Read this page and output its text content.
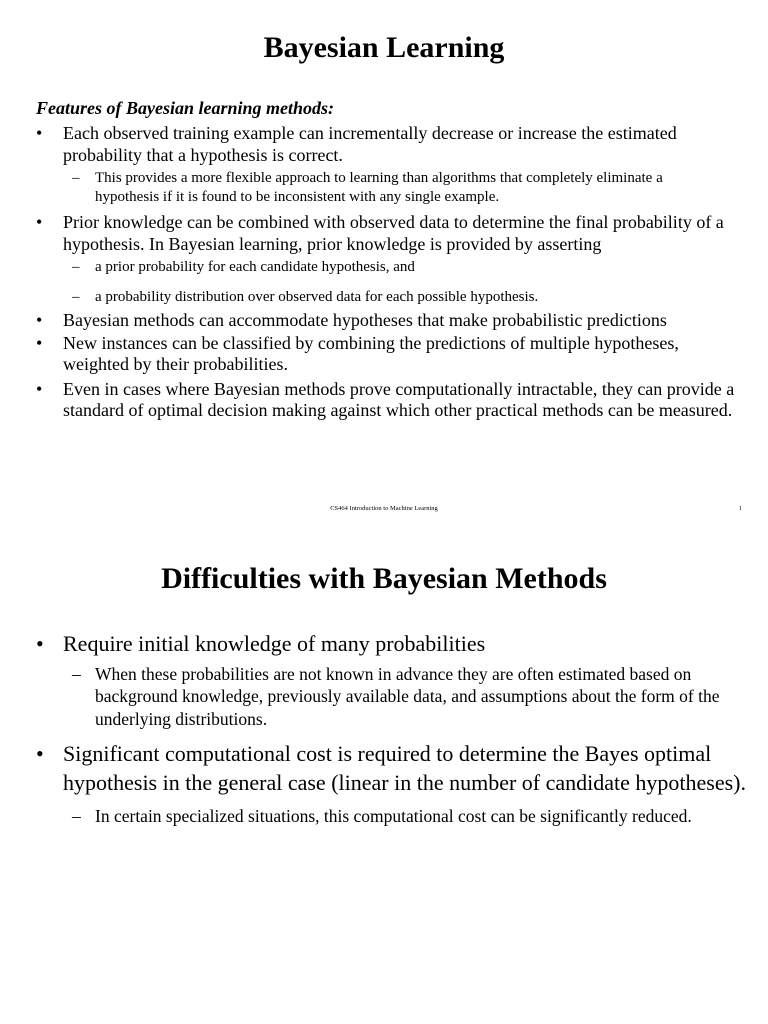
Bayesian Learning
Features of Bayesian learning methods:
• Each observed training example can incrementally decrease or increase the estimated probability that a hypothesis is correct.
– This provides a more flexible approach to learning than algorithms that completely eliminate a hypothesis if it is found to be inconsistent with any single example.
• Prior knowledge can be combined with observed data to determine the final probability of a hypothesis. In Bayesian learning, prior knowledge is provided by asserting
– a prior probability for each candidate hypothesis, and
– a probability distribution over observed data for each possible hypothesis.
• Bayesian methods can accommodate hypotheses that make probabilistic predictions
• New instances can be classified by combining the predictions of multiple hypotheses, weighted by their probabilities.
• Even in cases where Bayesian methods prove computationally intractable, they can provide a standard of optimal decision making against which other practical methods can be measured.
CS464 Introduction to Machine Learning	1
Difficulties with Bayesian Methods
• Require initial knowledge of many probabilities
– When these probabilities are not known in advance they are often estimated based on background knowledge, previously available data, and assumptions about the form of the underlying distributions.
• Significant computational cost is required to determine the Bayes optimal hypothesis in the general case (linear in the number of candidate hypotheses).
– In certain specialized situations, this computational cost can be significantly reduced.
